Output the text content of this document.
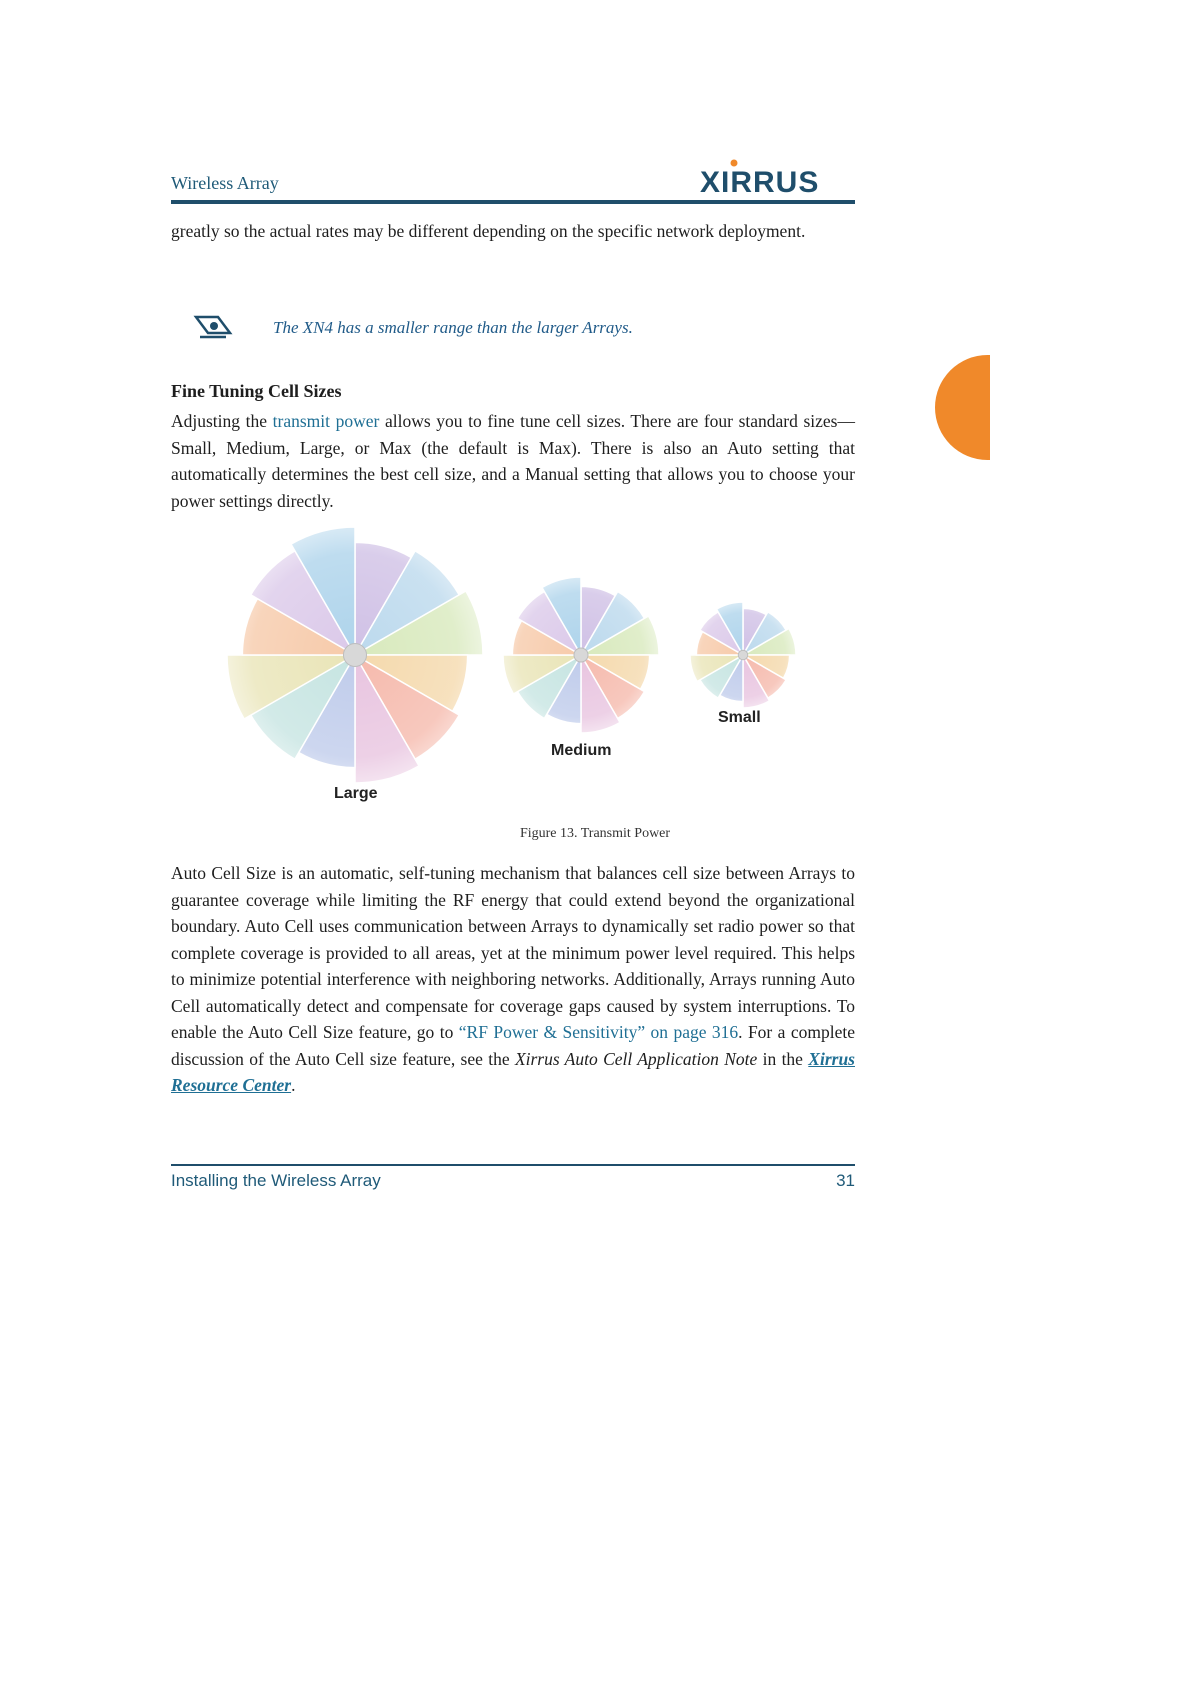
Wireless Array	XIRRUS
greatly so the actual rates may be different depending on the specific network deployment.
The XN4 has a smaller range than the larger Arrays.
Fine Tuning Cell Sizes
Adjusting the transmit power allows you to fine tune cell sizes. There are four standard sizes—Small, Medium, Large, or Max (the default is Max). There is also an Auto setting that automatically determines the best cell size, and a Manual setting that allows you to choose your power settings directly.
Large
Medium
Small
Figure 13. Transmit Power
Auto Cell Size is an automatic, self-tuning mechanism that balances cell size between Arrays to guarantee coverage while limiting the RF energy that could extend beyond the organizational boundary. Auto Cell uses communication between Arrays to dynamically set radio power so that complete coverage is provided to all areas, yet at the minimum power level required. This helps to minimize potential interference with neighboring networks. Additionally, Arrays running Auto Cell automatically detect and compensate for coverage gaps caused by system interruptions. To enable the Auto Cell Size feature, go to “RF Power & Sensitivity” on page 316. For a complete discussion of the Auto Cell size feature, see the Xirrus Auto Cell Application Note in the Xirrus Resource Center.
Installing the Wireless Array	31
